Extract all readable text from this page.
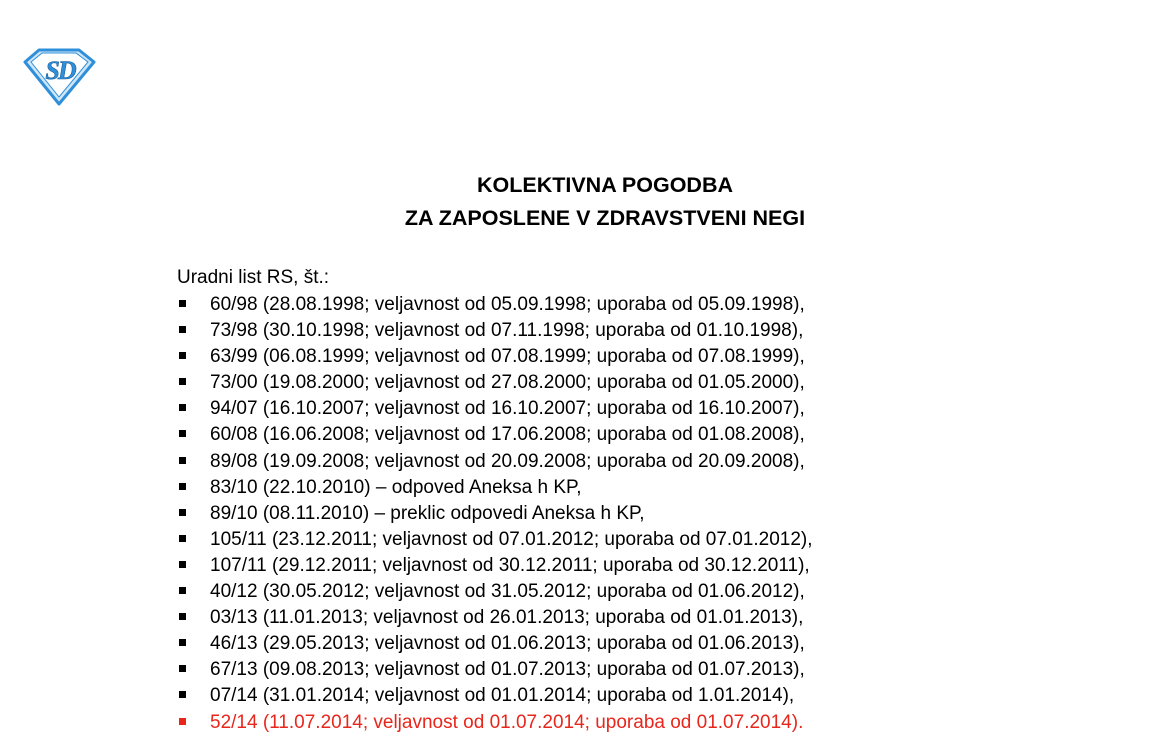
SD
KOLEKTIVNA POGODBA
ZA ZAPOSLENE V ZDRAVSTVENI NEGI
Uradni list RS, št.:
60/98 (28.08.1998; veljavnost od 05.09.1998; uporaba od 05.09.1998),
73/98 (30.10.1998; veljavnost od 07.11.1998; uporaba od 01.10.1998),
63/99 (06.08.1999; veljavnost od 07.08.1999; uporaba od 07.08.1999),
73/00 (19.08.2000; veljavnost od 27.08.2000; uporaba od 01.05.2000),
94/07 (16.10.2007; veljavnost od 16.10.2007; uporaba od 16.10.2007),
60/08 (16.06.2008; veljavnost od 17.06.2008; uporaba od 01.08.2008),
89/08 (19.09.2008; veljavnost od 20.09.2008; uporaba od 20.09.2008),
83/10 (22.10.2010) – odpoved Aneksa h KP,
89/10 (08.11.2010) – preklic odpovedi Aneksa h KP,
105/11 (23.12.2011; veljavnost od 07.01.2012; uporaba od 07.01.2012),
107/11 (29.12.2011; veljavnost od 30.12.2011; uporaba od 30.12.2011),
40/12 (30.05.2012; veljavnost od 31.05.2012; uporaba od 01.06.2012),
03/13 (11.01.2013; veljavnost od 26.01.2013; uporaba od 01.01.2013),
46/13 (29.05.2013; veljavnost od 01.06.2013; uporaba od 01.06.2013),
67/13 (09.08.2013; veljavnost od 01.07.2013; uporaba od 01.07.2013),
07/14 (31.01.2014; veljavnost od 01.01.2014; uporaba od 1.01.2014),
52/14 (11.07.2014; veljavnost od 01.07.2014; uporaba od 01.07.2014).
